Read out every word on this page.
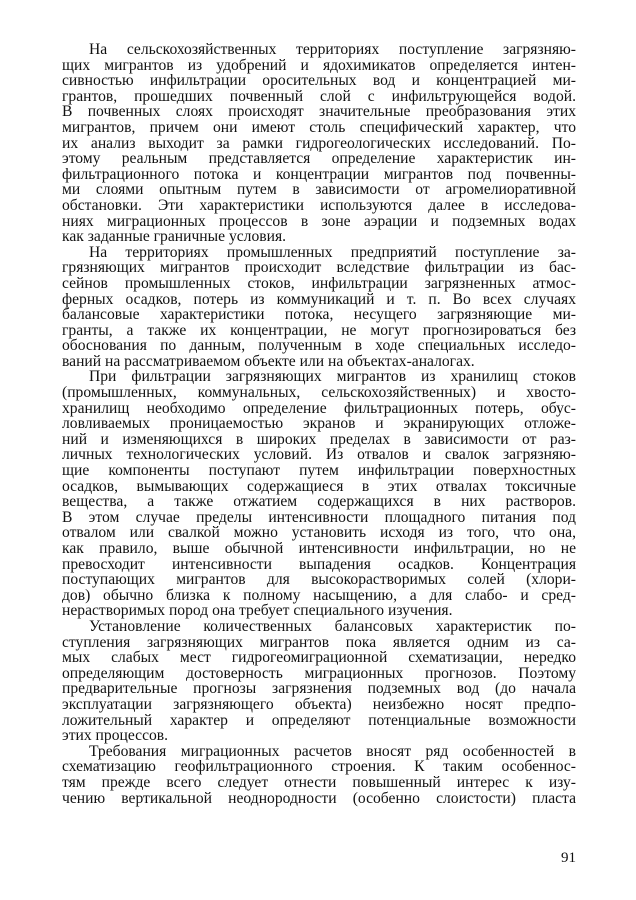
На сельскохозяйственных территориях поступление загрязняю-
щих мигрантов из удобрений и ядохимикатов определяется интен-
сивностью инфильтрации оросительных вод и концентрацией ми-
грантов, прошедших почвенный слой с инфильтрующейся водой.
В почвенных слоях происходят значительные преобразования этих
мигрантов, причем они имеют столь специфический характер, что
их анализ выходит за рамки гидрогеологических исследований. По-
этому реальным представляется определение характеристик ин-
фильтрационного потока и концентрации мигрантов под почвенны-
ми слоями опытным путем в зависимости от агромелиоративной
обстановки. Эти характеристики используются далее в исследова-
ниях миграционных процессов в зоне аэрации и подземных водах
как заданные граничные условия.
На территориях промышленных предприятий поступление за-
грязняющих мигрантов происходит вследствие фильтрации из бас-
сейнов промышленных стоков, инфильтрации загрязненных атмос-
ферных осадков, потерь из коммуникаций и т. п. Во всех случаях
балансовые характеристики потока, несущего загрязняющие ми-
гранты, а также их концентрации, не могут прогнозироваться без
обоснования по данным, полученным в ходе специальных исследо-
ваний на рассматриваемом объекте или на объектах-аналогах.
При фильтрации загрязняющих мигрантов из хранилищ стоков
(промышленных, коммунальных, сельскохозяйственных) и хвосто-
хранилищ необходимо определение фильтрационных потерь, обус-
ловливаемых проницаемостью экранов и экранирующих отложе-
ний и изменяющихся в широких пределах в зависимости от раз-
личных технологических условий. Из отвалов и свалок загрязняю-
щие компоненты поступают путем инфильтрации поверхностных
осадков, вымывающих содержащиеся в этих отвалах токсичные
вещества, а также отжатием содержащихся в них растворов.
В этом случае пределы интенсивности площадного питания под
отвалом или свалкой можно установить исходя из того, что она,
как правило, выше обычной интенсивности инфильтрации, но не
превосходит интенсивности выпадения осадков. Концентрация
поступающих мигрантов для высокорастворимых солей (хлори-
дов) обычно близка к полному насыщению, а для слабо- и сред-
нерастворимых пород она требует специального изучения.
Установление количественных балансовых характеристик по-
ступления загрязняющих мигрантов пока является одним из са-
мых слабых мест гидрогеомиграционной схематизации, нередко
определяющим достоверность миграционных прогнозов. Поэтому
предварительные прогнозы загрязнения подземных вод (до начала
эксплуатации загрязняющего объекта) неизбежно носят предпо-
ложительный характер и определяют потенциальные возможности
этих процессов.
Требования миграционных расчетов вносят ряд особенностей в
схематизацию геофильтрационного строения. К таким особеннос-
тям прежде всего следует отнести повышенный интерес к изу-
чению вертикальной неоднородности (особенно слоистости) пласта
91
